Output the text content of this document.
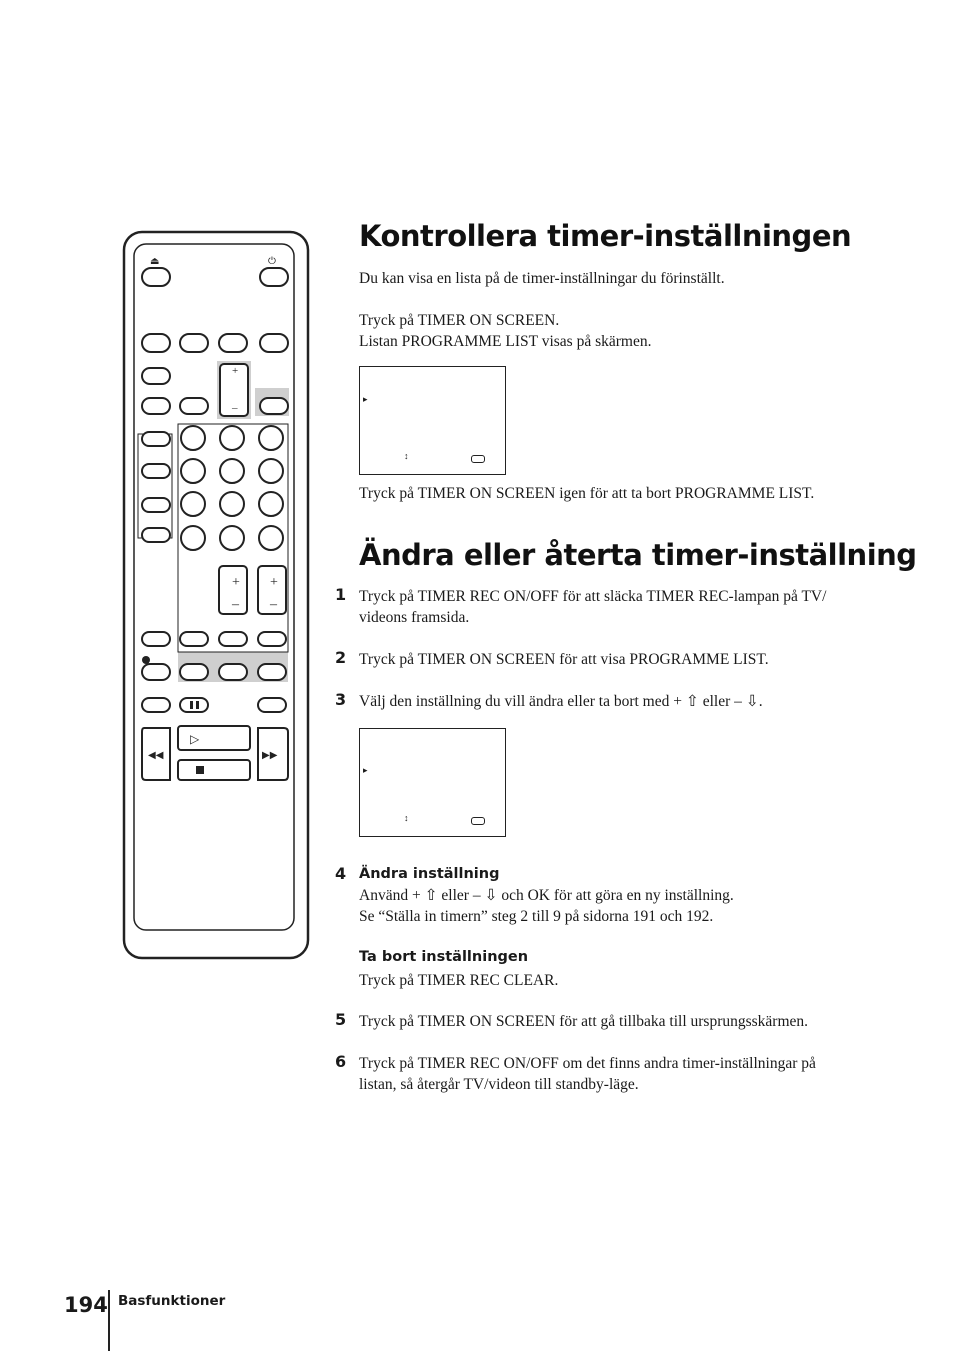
⏏	⏻
+
–
+
–
+
–
◀◀	▶▶
▷
Kontrollera timer-inställningen
Du kan visa en lista på de timer-inställningar du förinställt.
Tryck på TIMER ON SCREEN.
Listan PROGRAMME LIST visas på skärmen.
▸
↕
Tryck på TIMER ON SCREEN igen för att ta bort PROGRAMME LIST.
Ändra eller återta timer-inställning
1 Tryck på TIMER REC ON/OFF för att släcka TIMER REC-lampan på TV/
videons framsida.
2 Tryck på TIMER ON SCREEN för att visa PROGRAMME LIST.
3 Välj den inställning du vill ändra eller ta bort med + ⇧ eller – ⇩.
▸
↕
4 Ändra inställning
Använd + ⇧ eller – ⇩ och OK för att göra en ny inställning.
Se “Ställa in timern” steg 2 till 9 på sidorna 191 och 192.
Ta bort inställningen
Tryck på TIMER REC CLEAR.
5 Tryck på TIMER ON SCREEN för att gå tillbaka till ursprungsskärmen.
6 Tryck på TIMER REC ON/OFF om det finns andra timer-inställningar på
listan, så återgår TV/videon till standby-läge.
194 Basfunktioner
